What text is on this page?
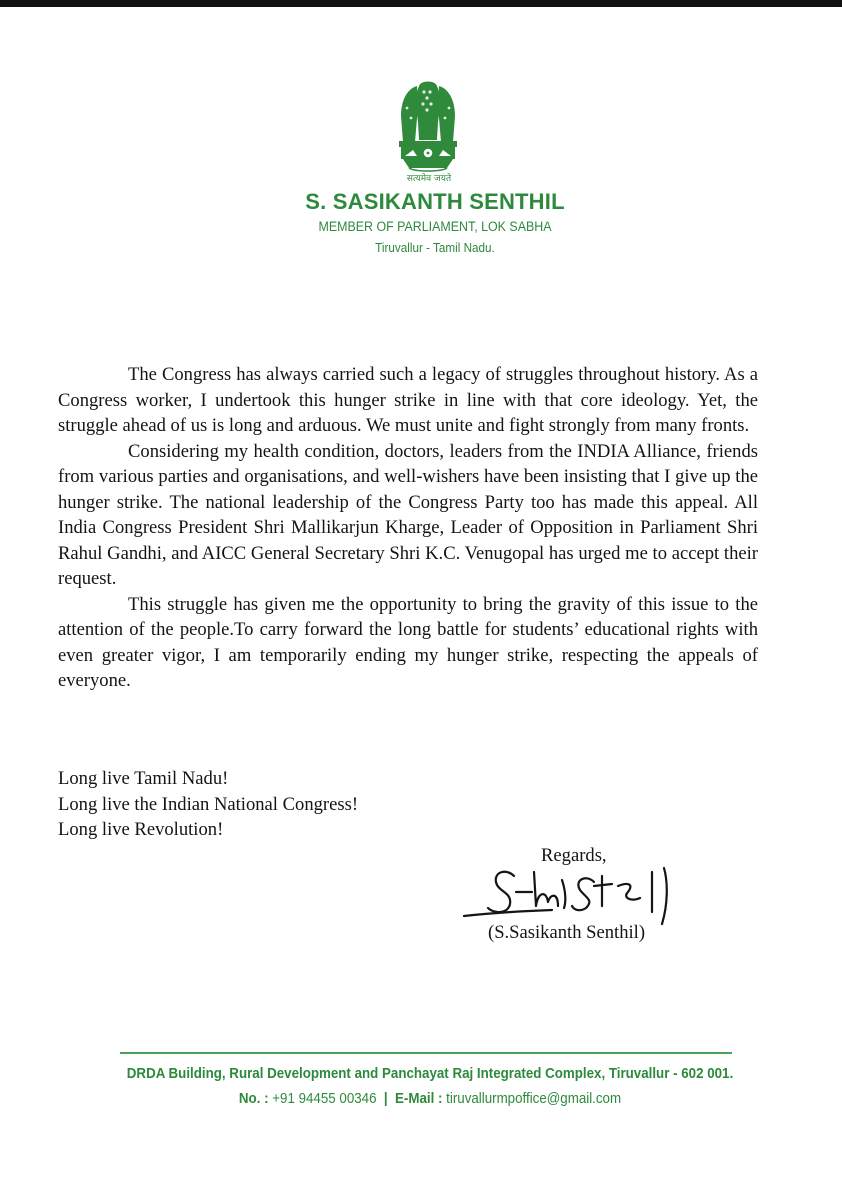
सत्यमेव जयते
S. SASIKANTH SENTHIL
MEMBER OF PARLIAMENT, LOK SABHA
Tiruvallur - Tamil Nadu.

The Congress has always carried such a legacy of struggles throughout history. As a Congress worker, I undertook this hunger strike in line with that core ideology. Yet, the struggle ahead of us is long and arduous. We must unite and fight strongly from many fronts.

Considering my health condition, doctors, leaders from the INDIA Alliance, friends from various parties and organisations, and well-wishers have been insisting that I give up the hunger strike. The national leadership of the Congress Party too has made this appeal. All India Congress President Shri Mallikarjun Kharge, Leader of Opposition in Parliament Shri Rahul Gandhi, and AICC General Secretary Shri K.C. Venugopal has urged me to accept their request.

This struggle has given me the opportunity to bring the gravity of this issue to the attention of the people.To carry forward the long battle for students’ educational rights with even greater vigor, I am temporarily ending my hunger strike, respecting the appeals of everyone.

Long live Tamil Nadu!
Long live the Indian National Congress!
Long live Revolution!
Regards,
(S.Sasikanth Senthil)
DRDA Building, Rural Development and Panchayat Raj Integrated Complex, Tiruvallur - 602 001.
No. : +91 94455 00346 | E-Mail : tiruvallurmpoffice@gmail.com
